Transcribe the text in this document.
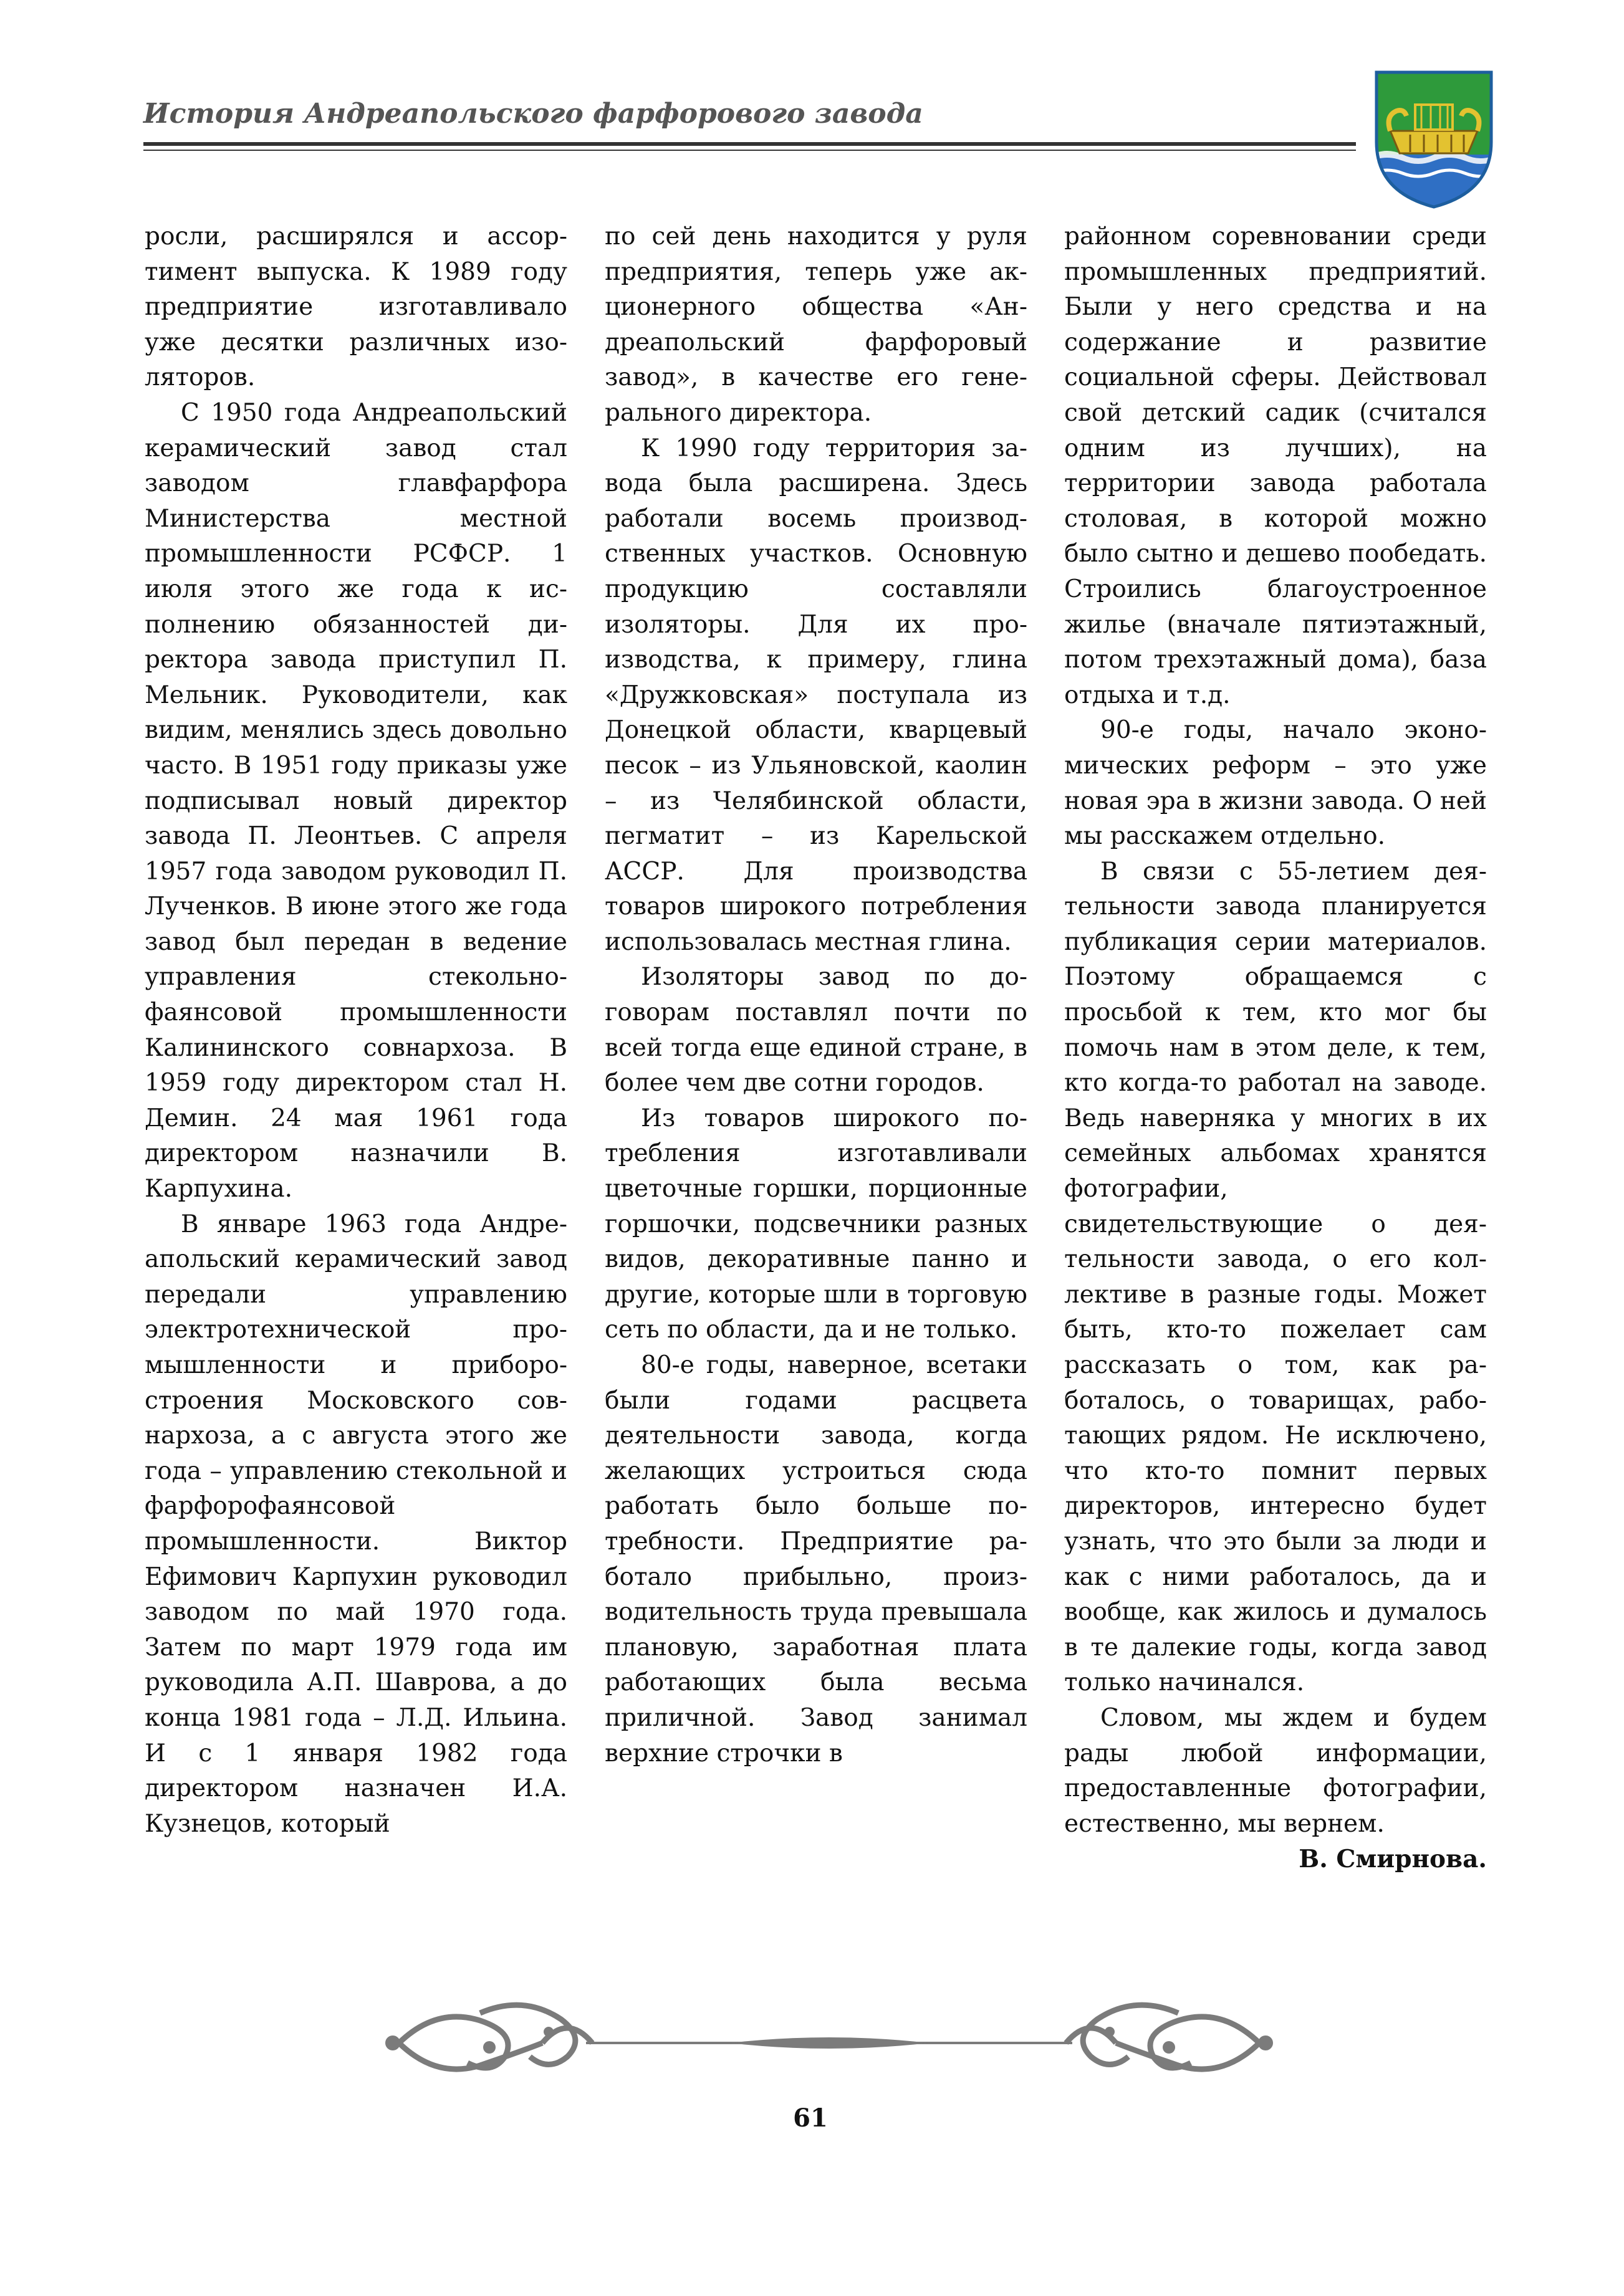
История Андреапольского фарфорового завода

росли, расширялся и ассортимент выпуска. К 1989 году предприятие изготавливало уже десятки различных изоляторов.

С 1950 года Андреапольский керамический завод стал заводом главфарфора Министерства местной промышленности РСФСР. 1 июля этого же года к исполнению обязанностей директора завода приступил П. Мельник. Руководители, как видим, менялись здесь довольно часто. В 1951 году приказы уже подписывал новый директор завода П. Леонтьев. С апреля 1957 года заводом руководил П. Лученков. В июне этого же года завод был передан в ведение управления стекольно-фаянсовой промышленности Калининского совнархоза. В 1959 году директором стал Н. Демин. 24 мая 1961 года директором назначили В. Карпухина.

В январе 1963 года Андреапольский керамический завод передали управлению электротехнической промышленности и приборостроения Московского совнархоза, а с августа этого же года – управлению стекольной и фарфорофаянсовой промышленности. Виктор Ефимович Карпухин руководил заводом по май 1970 года. Затем по март 1979 года им руководила А.П. Шаврова, а до конца 1981 года – Л.Д. Ильина. И с 1 января 1982 года директором назначен И.А. Кузнецов, который

по сей день находится у руля предприятия, теперь уже акционерного общества «Андреапольский фарфоровый завод», в качестве его генерального директора.

К 1990 году территория завода была расширена. Здесь работали восемь производственных участков. Основную продукцию составляли изоляторы. Для их производства, к примеру, глина «Дружковская» поступала из Донецкой области, кварцевый песок – из Ульяновской, каолин – из Челябинской области, пегматит – из Карельской АССР. Для производства товаров широкого потребления использовалась местная глина.

Изоляторы завод по договорам поставлял почти по всей тогда еще единой стране, в более чем две сотни городов.

Из товаров широкого потребления изготавливали цветочные горшки, порционные горшочки, подсвечники разных видов, декоративные панно и другие, которые шли в торговую сеть по области, да и не только.

80-е годы, наверное, всетаки были годами расцвета деятельности завода, когда желающих устроиться сюда работать было больше потребности. Предприятие работало прибыльно, производительность труда превышала плановую, заработная плата работающих была весьма приличной. Завод занимал верхние строчки в

районном соревновании среди промышленных предприятий. Были у него средства и на содержание и развитие социальной сферы. Действовал свой детский садик (считался одним из лучших), на территории завода работала столовая, в которой можно было сытно и дешево пообедать. Строились благоустроенное жилье (вначале пятиэтажный, потом трехэтажный дома), база отдыха и т.д.

90-е годы, начало экономических реформ – это уже новая эра в жизни завода. О ней мы расскажем отдельно.

В связи с 55-летием деятельности завода планируется публикация серии материалов. Поэтому обращаемся с просьбой к тем, кто мог бы помочь нам в этом деле, к тем, кто когда-то работал на заводе. Ведь наверняка у многих в их семейных альбомах хранятся фотографии, свидетельствующие о деятельности завода, о его коллективе в разные годы. Может быть, кто-то пожелает сам рассказать о том, как работалось, о товарищах, работающих рядом. Не исключено, что кто-то помнит первых директоров, интересно будет узнать, что это были за люди и как с ними работалось, да и вообще, как жилось и думалось в те далекие годы, когда завод только начинался.

Словом, мы ждем и будем рады любой информации, предоставленные фотографии, естественно, мы вернем.

В. Смирнова.

61
